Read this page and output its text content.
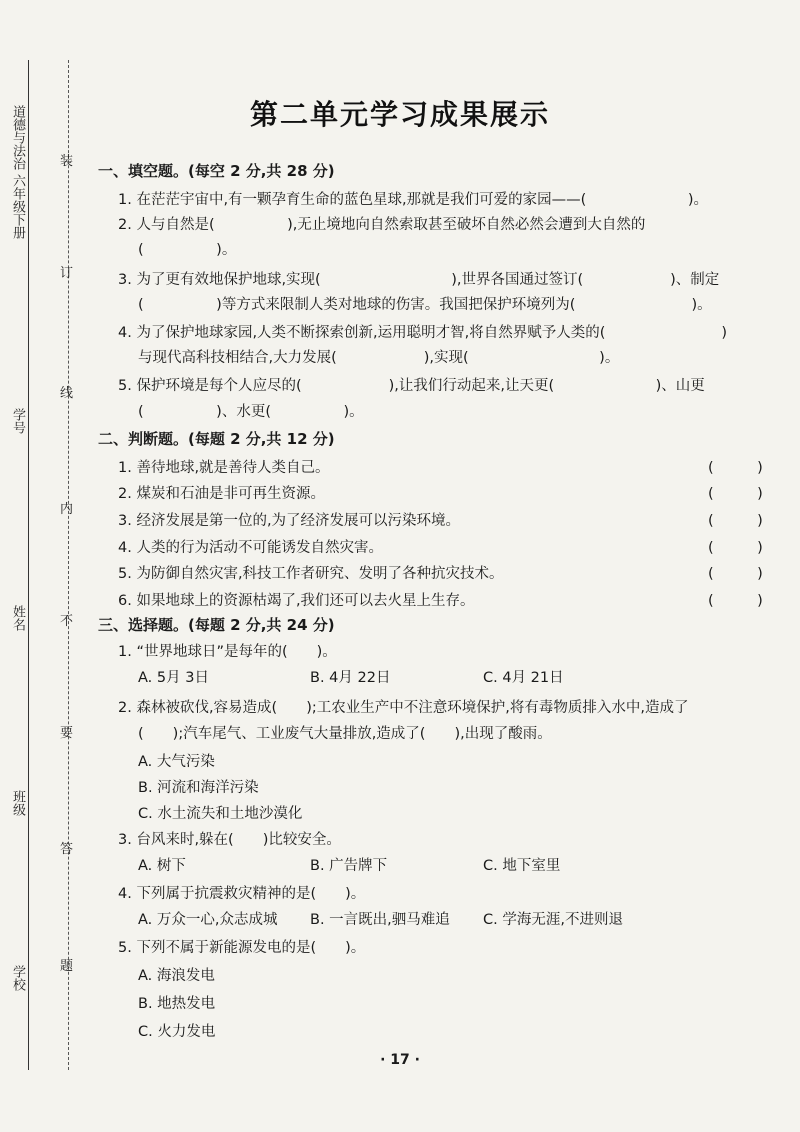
道德与法治 六年级下册
学号
姓名
班级
学校
装
订
线
内
不
要
答
题
第二单元学习成果展示
一、填空题。(每空 2 分,共 28 分)
1. 在茫茫宇宙中,有一颗孕育生命的蓝色星球,那就是我们可爱的家园——(　　　　　　　)。
2. 人与自然是(　　　　　),无止境地向自然索取甚至破坏自然必然会遭到大自然的
(　　　　　)。
3. 为了更有效地保护地球,实现(　　　　　　　　　),世界各国通过签订(　　　　　　)、制定
(　　　　　)等方式来限制人类对地球的伤害。我国把保护环境列为(　　　　　　　　)。
4. 为了保护地球家园,人类不断探索创新,运用聪明才智,将自然界赋予人类的(　　　　　　　　)
与现代高科技相结合,大力发展(　　　　　　),实现(　　　　　　　　　)。
5. 保护环境是每个人应尽的(　　　　　　),让我们行动起来,让天更(　　　　　　　)、山更
(　　　　　)、水更(　　　　　)。
二、判断题。(每题 2 分,共 12 分)
1. 善待地球,就是善待人类自己。	(　　　)
2. 煤炭和石油是非可再生资源。	(　　　)
3. 经济发展是第一位的,为了经济发展可以污染环境。	(　　　)
4. 人类的行为活动不可能诱发自然灾害。	(　　　)
5. 为防御自然灾害,科技工作者研究、发明了各种抗灾技术。	(　　　)
6. 如果地球上的资源枯竭了,我们还可以去火星上生存。	(　　　)
三、选择题。(每题 2 分,共 24 分)
1. “世界地球日”是每年的(　　)。
A. 5月 3日	B. 4月 22日	C. 4月 21日
2. 森林被砍伐,容易造成(　　);工农业生产中不注意环境保护,将有毒物质排入水中,造成了
(　　);汽车尾气、工业废气大量排放,造成了(　　),出现了酸雨。
A. 大气污染
B. 河流和海洋污染
C. 水土流失和土地沙漠化
3. 台风来时,躲在(　　)比较安全。
A. 树下	B. 广告牌下	C. 地下室里
4. 下列属于抗震救灾精神的是(　　)。
A. 万众一心,众志成城 B. 一言既出,驷马难追 C. 学海无涯,不进则退
5. 下列不属于新能源发电的是(　　)。
A. 海浪发电
B. 地热发电
C. 火力发电
· 17 ·
